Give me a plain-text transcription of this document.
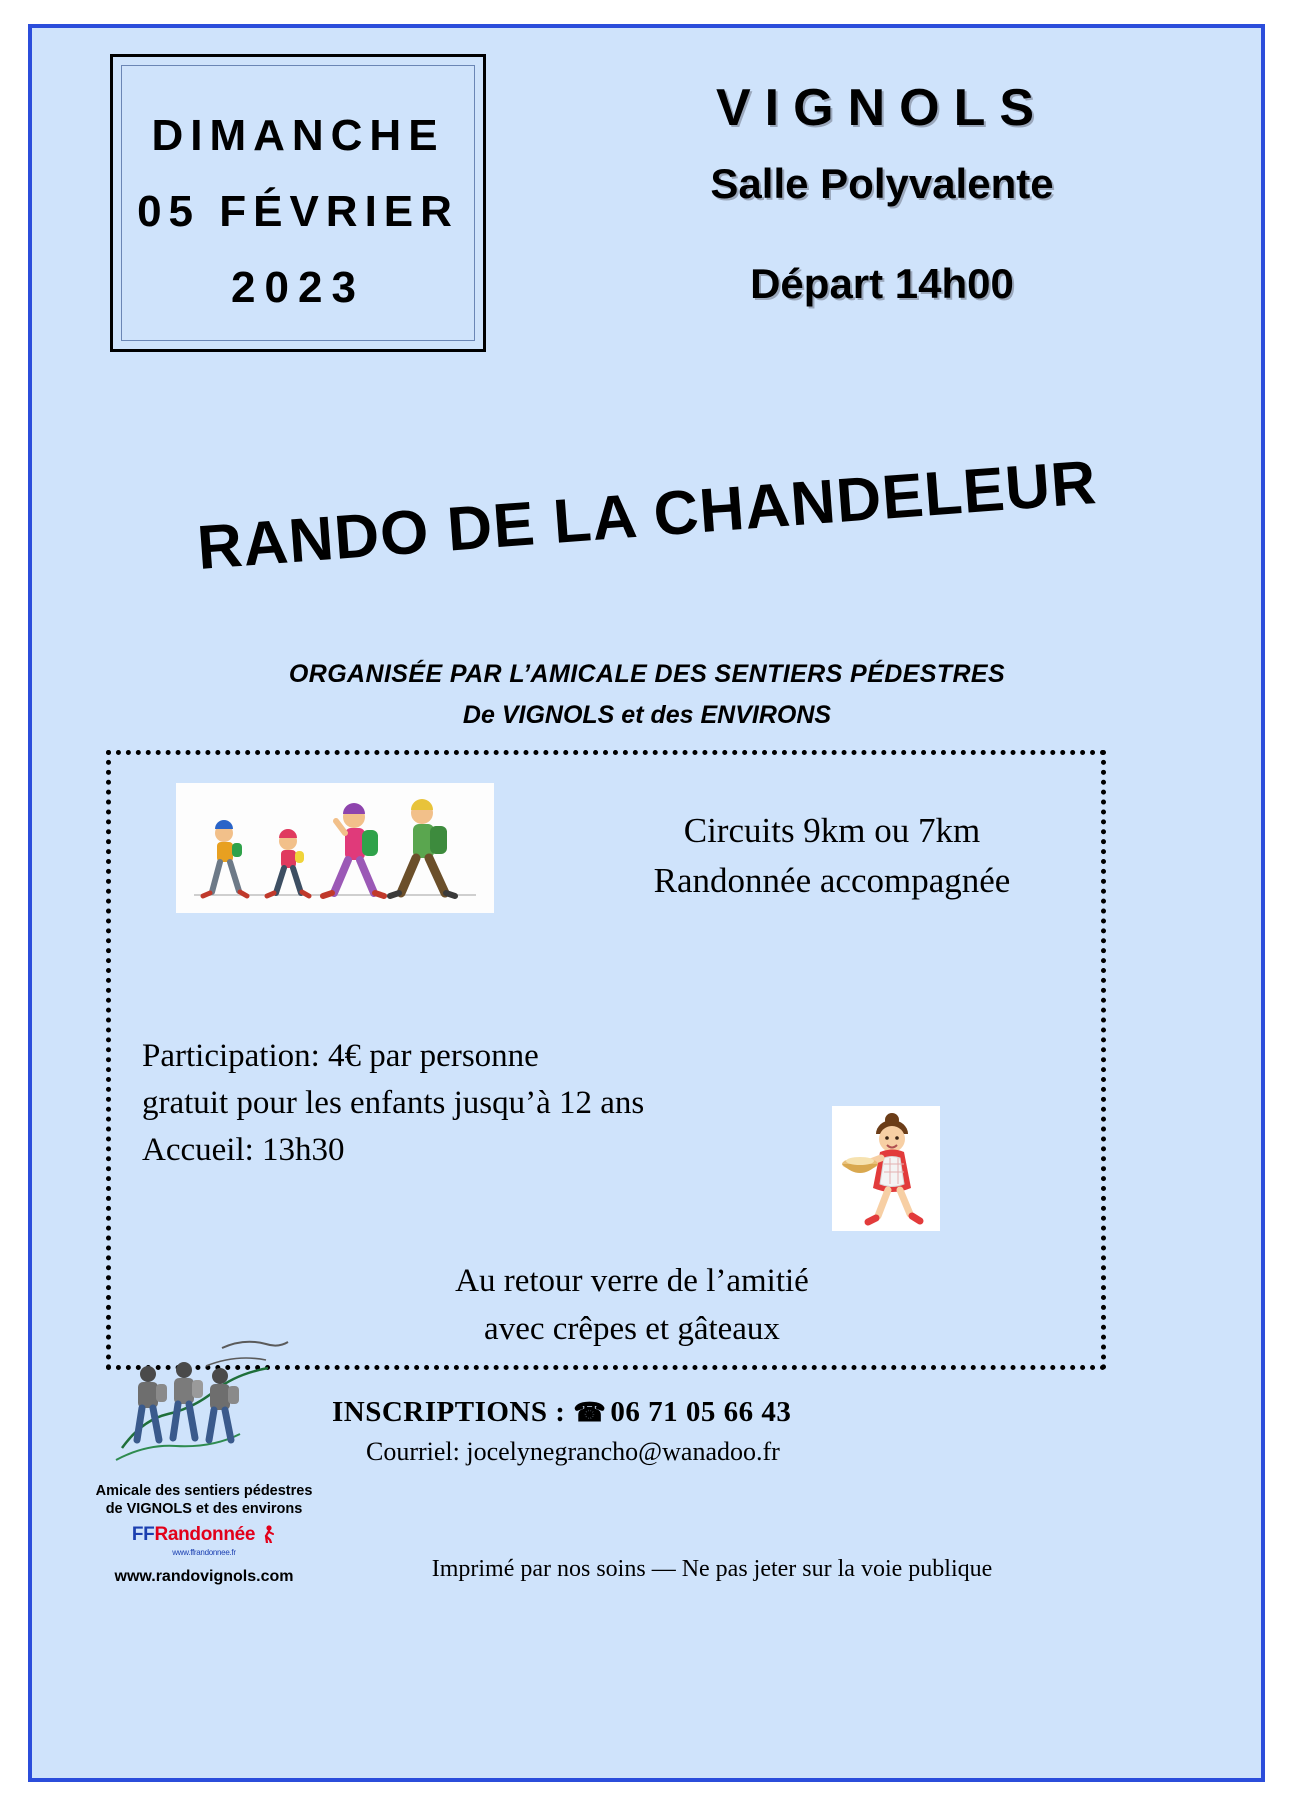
DIMANCHE
05 FÉVRIER
2023
VIGNOLS
Salle Polyvalente
Départ 14h00
RANDO DE LA CHANDELEUR
ORGANISÉE PAR L’AMICALE DES SENTIERS PÉDESTRES
De VIGNOLS et des ENVIRONS
Circuits 9km ou 7km
Randonnée accompagnée
Participation: 4€ par personne
gratuit pour les enfants jusqu’à 12 ans
Accueil: 13h30
Au retour verre de l’amitié
avec crêpes et gâteaux
INSCRIPTIONS : ☎ 06 71 05 66 43
Courriel: jocelynegrancho@wanadoo.fr
Imprimé par nos soins — Ne pas jeter sur la voie publique
Amicale des sentiers pédestres
de VIGNOLS et des environs
FFRandonnée
www.ffrandonnee.fr
www.randovignols.com
